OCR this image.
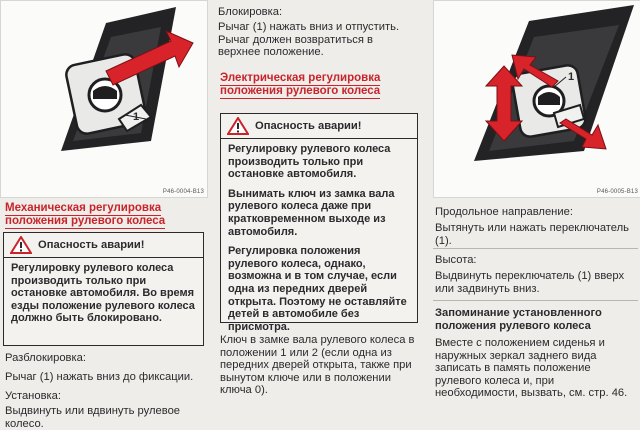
1
P46-0004-B13
Механическая регулировка положения рулевого колеса
Опасность аварии!

Регулировку рулевого колеса производить только при остановке автомобиля. Во время езды положение рулевого колеса должно быть блокировано.

Разблокировка:
Рычаг (1) нажать вниз до фиксации.
Установка:
Выдвинуть или вдвинуть рулевое колесо.
Блокировка:
Рычаг (1) нажать вниз и отпустить. Рычаг должен возвратиться в верхнее положение.
Электрическая регулировка положения рулевого колеса
Опасность аварии!

Регулировку рулевого колеса производить только при остановке автомобиля.

Вынимать ключ из замка вала рулевого колеса даже при кратковременном выходе из автомобиля.

Регулировка положения рулевого колеса, однако, возможна и в том случае, если одна из передних дверей открыта. Поэтому не оставляйте детей в автомобиле без присмотра.

Ключ в замке вала рулевого колеса в положении 1 или 2 (если одна из передних дверей открыта, также при вынутом ключе или в положении ключа 0).
1
P46-0005-B13
Продольное направление:
Вытянуть или нажать переключатель (1).
Высота:
Выдвинуть переключатель (1) вверх или задвинуть вниз.
Запоминание установленного положения рулевого колеса
Вместе с положением сиденья и наружных зеркал заднего вида записать в память положение рулевого колеса и, при необходимости, вызвать, см. стр. 46.
